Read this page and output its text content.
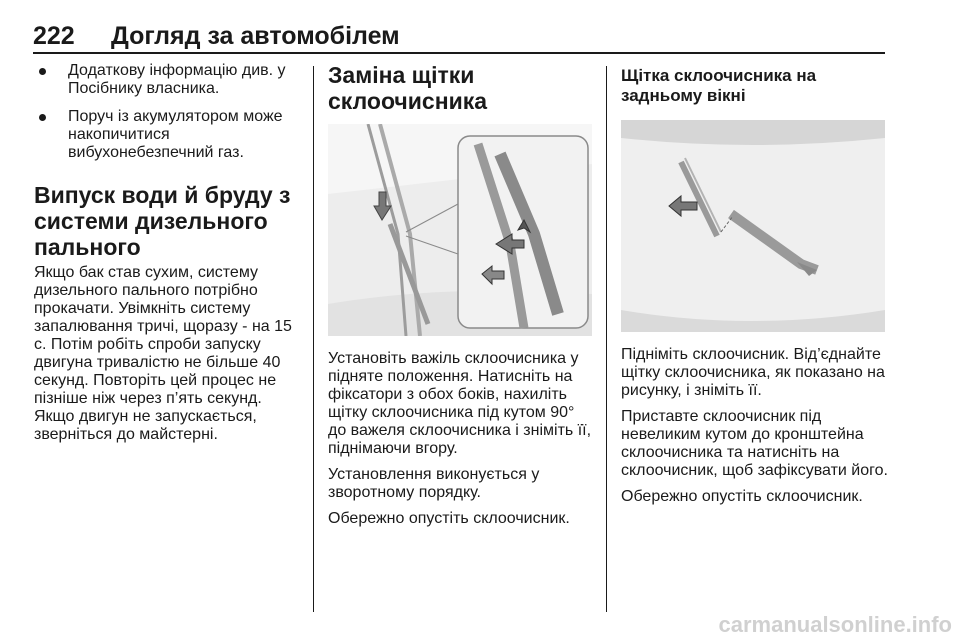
222 Догляд за автомобілем
Додаткову інформацію див. у Посібнику власника.
Поруч із акумулятором може накопичитися вибухонебезпечний газ.
Випуск води й бруду з системи дизельного пального

Якщо бак став сухим, систему дизельного пального потрібно прокачати. Увімкніть систему запалювання тричі, щоразу - на 15 с. Потім робіть спроби запуску двигуна тривалістю не більше 40 секунд. Повторіть цей процес не пізніше ніж через п’ять секунд. Якщо двигун не запускається, зверніться до майстерні.

Заміна щітки склоочисника

Установіть важіль склоочисника у підняте положення. Натисніть на фіксатори з обох боків, нахиліть щітку склоочисника під кутом 90° до важеля склоочисника і зніміть її, піднімаючи вгору.

Установлення виконується у зворотному порядку.

Обережно опустіть склоочисник.

Щітка склоочисника на задньому вікні

Підніміть склоочисник. Від’єднайте щітку склоочисника, як показано на рисунку, і зніміть її.

Приставте склоочисник під невеликим кутом до кронштейна склоочисника та натисніть на склоочисник, щоб зафіксувати його.

Обережно опустіть склоочисник.

carmanualsonline.info
